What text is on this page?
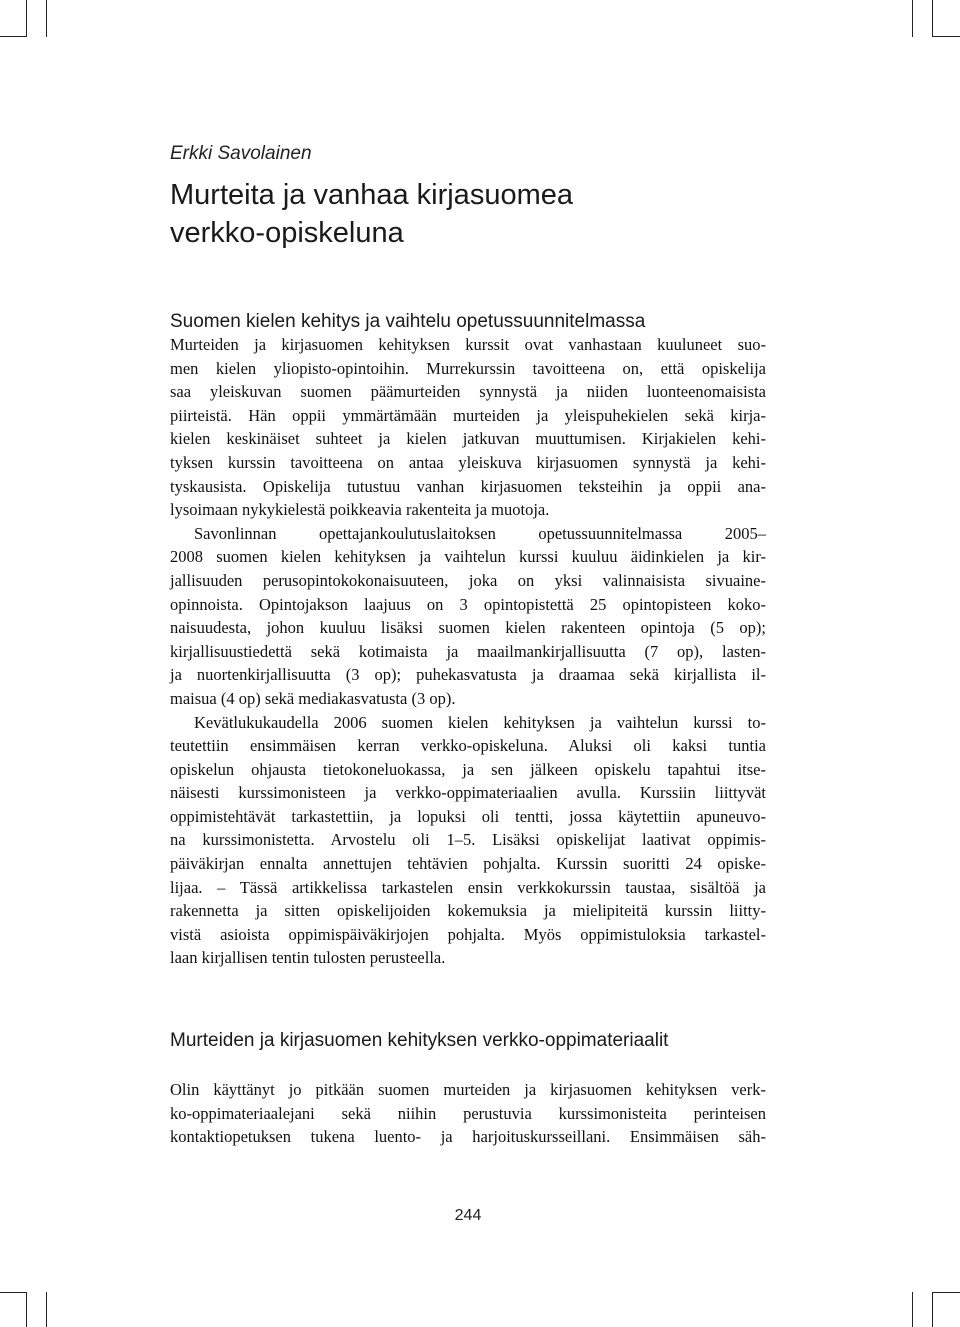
Erkki Savolainen
Murteita ja vanhaa kirjasuomea
verkko-opiskeluna
Suomen kielen kehitys ja vaihtelu opetussuunnitelmassa
Murteiden ja kirjasuomen kehityksen kurssit ovat vanhastaan kuuluneet suo-
men kielen yliopisto-opintoihin. Murrekurssin tavoitteena on, että opiskelija
saa yleiskuvan suomen päämurteiden synnystä ja niiden luonteenomaisista
piirteistä. Hän oppii ymmärtämään murteiden ja yleispuhekielen sekä kirja-
kielen keskinäiset suhteet ja kielen jatkuvan muuttumisen. Kirjakielen kehi-
tyksen kurssin tavoitteena on antaa yleiskuva kirjasuomen synnystä ja kehi-
tyskausista. Opiskelija tutustuu vanhan kirjasuomen teksteihin ja oppii ana-
lysoimaan nykykielestä poikkeavia rakenteita ja muotoja.
Savonlinnan opettajankoulutuslaitoksen opetussuunnitelmassa 2005–
2008 suomen kielen kehityksen ja vaihtelun kurssi kuuluu äidinkielen ja kir-
jallisuuden perusopintokokonaisuuteen, joka on yksi valinnaisista sivuaine-
opinnoista. Opintojakson laajuus on 3 opintopistettä 25 opintopisteen koko-
naisuudesta, johon kuuluu lisäksi suomen kielen rakenteen opintoja (5 op);
kirjallisuustiedettä sekä kotimaista ja maailmankirjallisuutta (7 op), lasten-
ja nuortenkirjallisuutta (3 op); puhekasvatusta ja draamaa sekä kirjallista il-
maisua (4 op) sekä mediakasvatusta (3 op).
Kevätlukukaudella 2006 suomen kielen kehityksen ja vaihtelun kurssi to-
teutettiin ensimmäisen kerran verkko-opiskeluna. Aluksi oli kaksi tuntia
opiskelun ohjausta tietokoneluokassa, ja sen jälkeen opiskelu tapahtui itse-
näisesti kurssimonisteen ja verkko-oppimateriaalien avulla. Kurssiin liittyvät
oppimistehtävät tarkastettiin, ja lopuksi oli tentti, jossa käytettiin apuneuvo-
na kurssimonistetta. Arvostelu oli 1–5. Lisäksi opiskelijat laativat oppimis-
päiväkirjan ennalta annettujen tehtävien pohjalta. Kurssin suoritti 24 opiske-
lijaa. – Tässä artikkelissa tarkastelen ensin verkkokurssin taustaa, sisältöä ja
rakennetta ja sitten opiskelijoiden kokemuksia ja mielipiteitä kurssin liitty-
vistä asioista oppimispäiväkirjojen pohjalta. Myös oppimistuloksia tarkastel-
laan kirjallisen tentin tulosten perusteella.
Murteiden ja kirjasuomen kehityksen verkko-oppimateriaalit
Olin käyttänyt jo pitkään suomen murteiden ja kirjasuomen kehityksen verk-
ko-oppimateriaalejani sekä niihin perustuvia kurssimonisteita perinteisen
kontaktiopetuksen tukena luento- ja harjoituskursseillani. Ensimmäisen säh-
244
